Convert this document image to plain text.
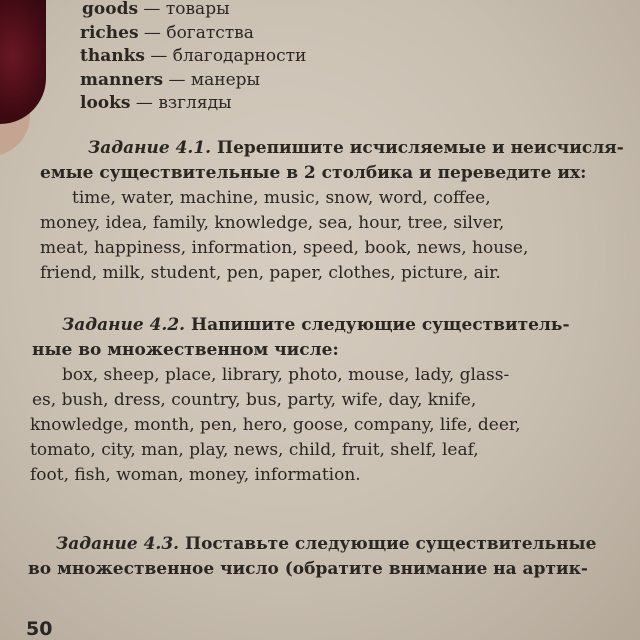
goods — товары
riches — богатства
thanks — благодарности
manners — манеры
looks — взгляды
Задание 4.1. Перепишите исчисляемые и неисчисля-
емые существительные в 2 столбика и переведите их:
time, water, machine, music, snow, word, coffee,
money, idea, family, knowledge, sea, hour, tree, silver,
meat, happiness, information, speed, book, news, house,
friend, milk, student, pen, paper, clothes, picture, air.
Задание 4.2. Напишите следующие существитель-
ные во множественном числе:
box, sheep, place, library, photo, mouse, lady, glass-
es, bush, dress, country, bus, party, wife, day, knife,
knowledge, month, pen, hero, goose, company, life, deer,
tomato, city, man, play, news, child, fruit, shelf, leaf,
foot, fish, woman, money, information.
Задание 4.3. Поставьте следующие существительные
во множественное число (обратите внимание на артик-
50
